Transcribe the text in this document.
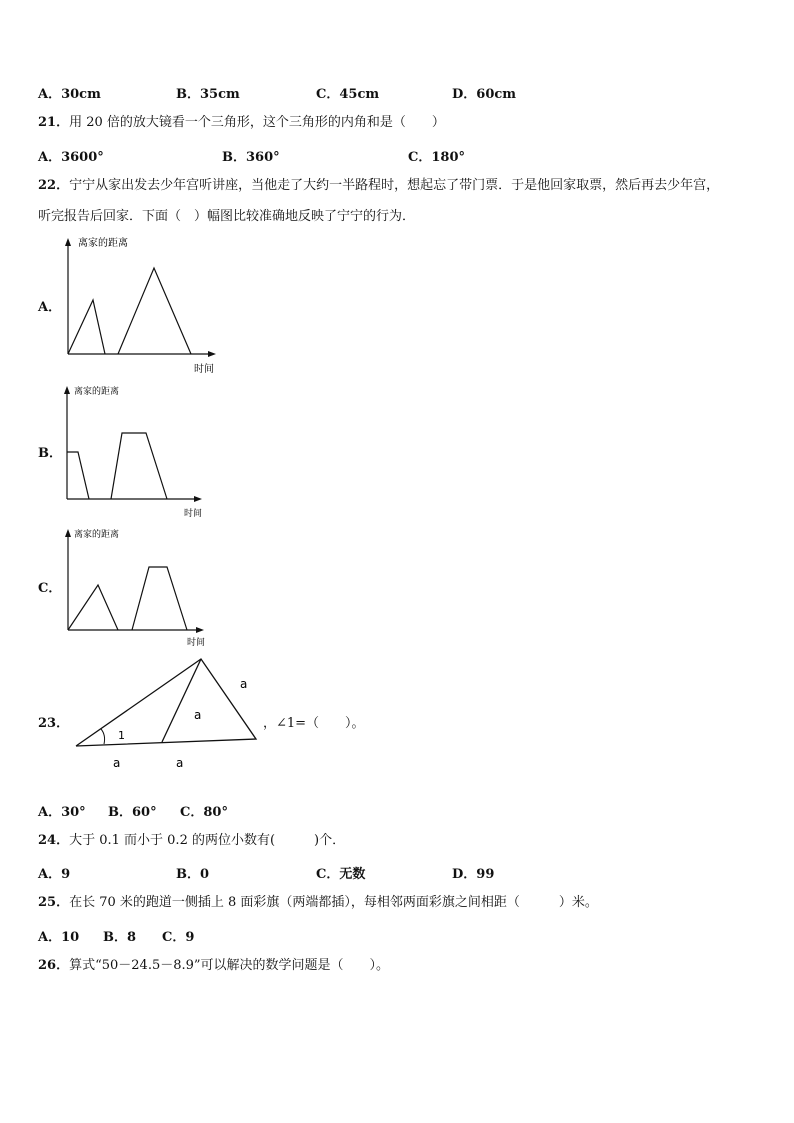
A．30cm	B．35cm	C．45cm	D．60cm
21．用 20 倍的放大镜看一个三角形，这个三角形的内角和是（　　）
A．3600°	B．360°	C．180°
22．宁宁从家出发去少年宫听讲座，当他走了大约一半路程时，想起忘了带门票．于是他回家取票，然后再去少年宫，
听完报告后回家．下面（　）幅图比较准确地反映了宁宁的行为．
A．
离家的距离
时间
B．
离家的距离
时间
C．
离家的距离
时间
23．
1
a
a
a	a
，∠1=（　　）。
A．30° B．60° C．80°
24．大于 0.1 而小于 0.2 的两位小数有(　　　)个．
A．9	B．0	C．无数	D．99
25．在长 70 米的跑道一侧插上 8 面彩旗（两端都插），每相邻两面彩旗之间相距（　　　）米。
A．10 B．8 C．9
26．算式“50－24.5－8.9”可以解决的数学问题是（　　）。
